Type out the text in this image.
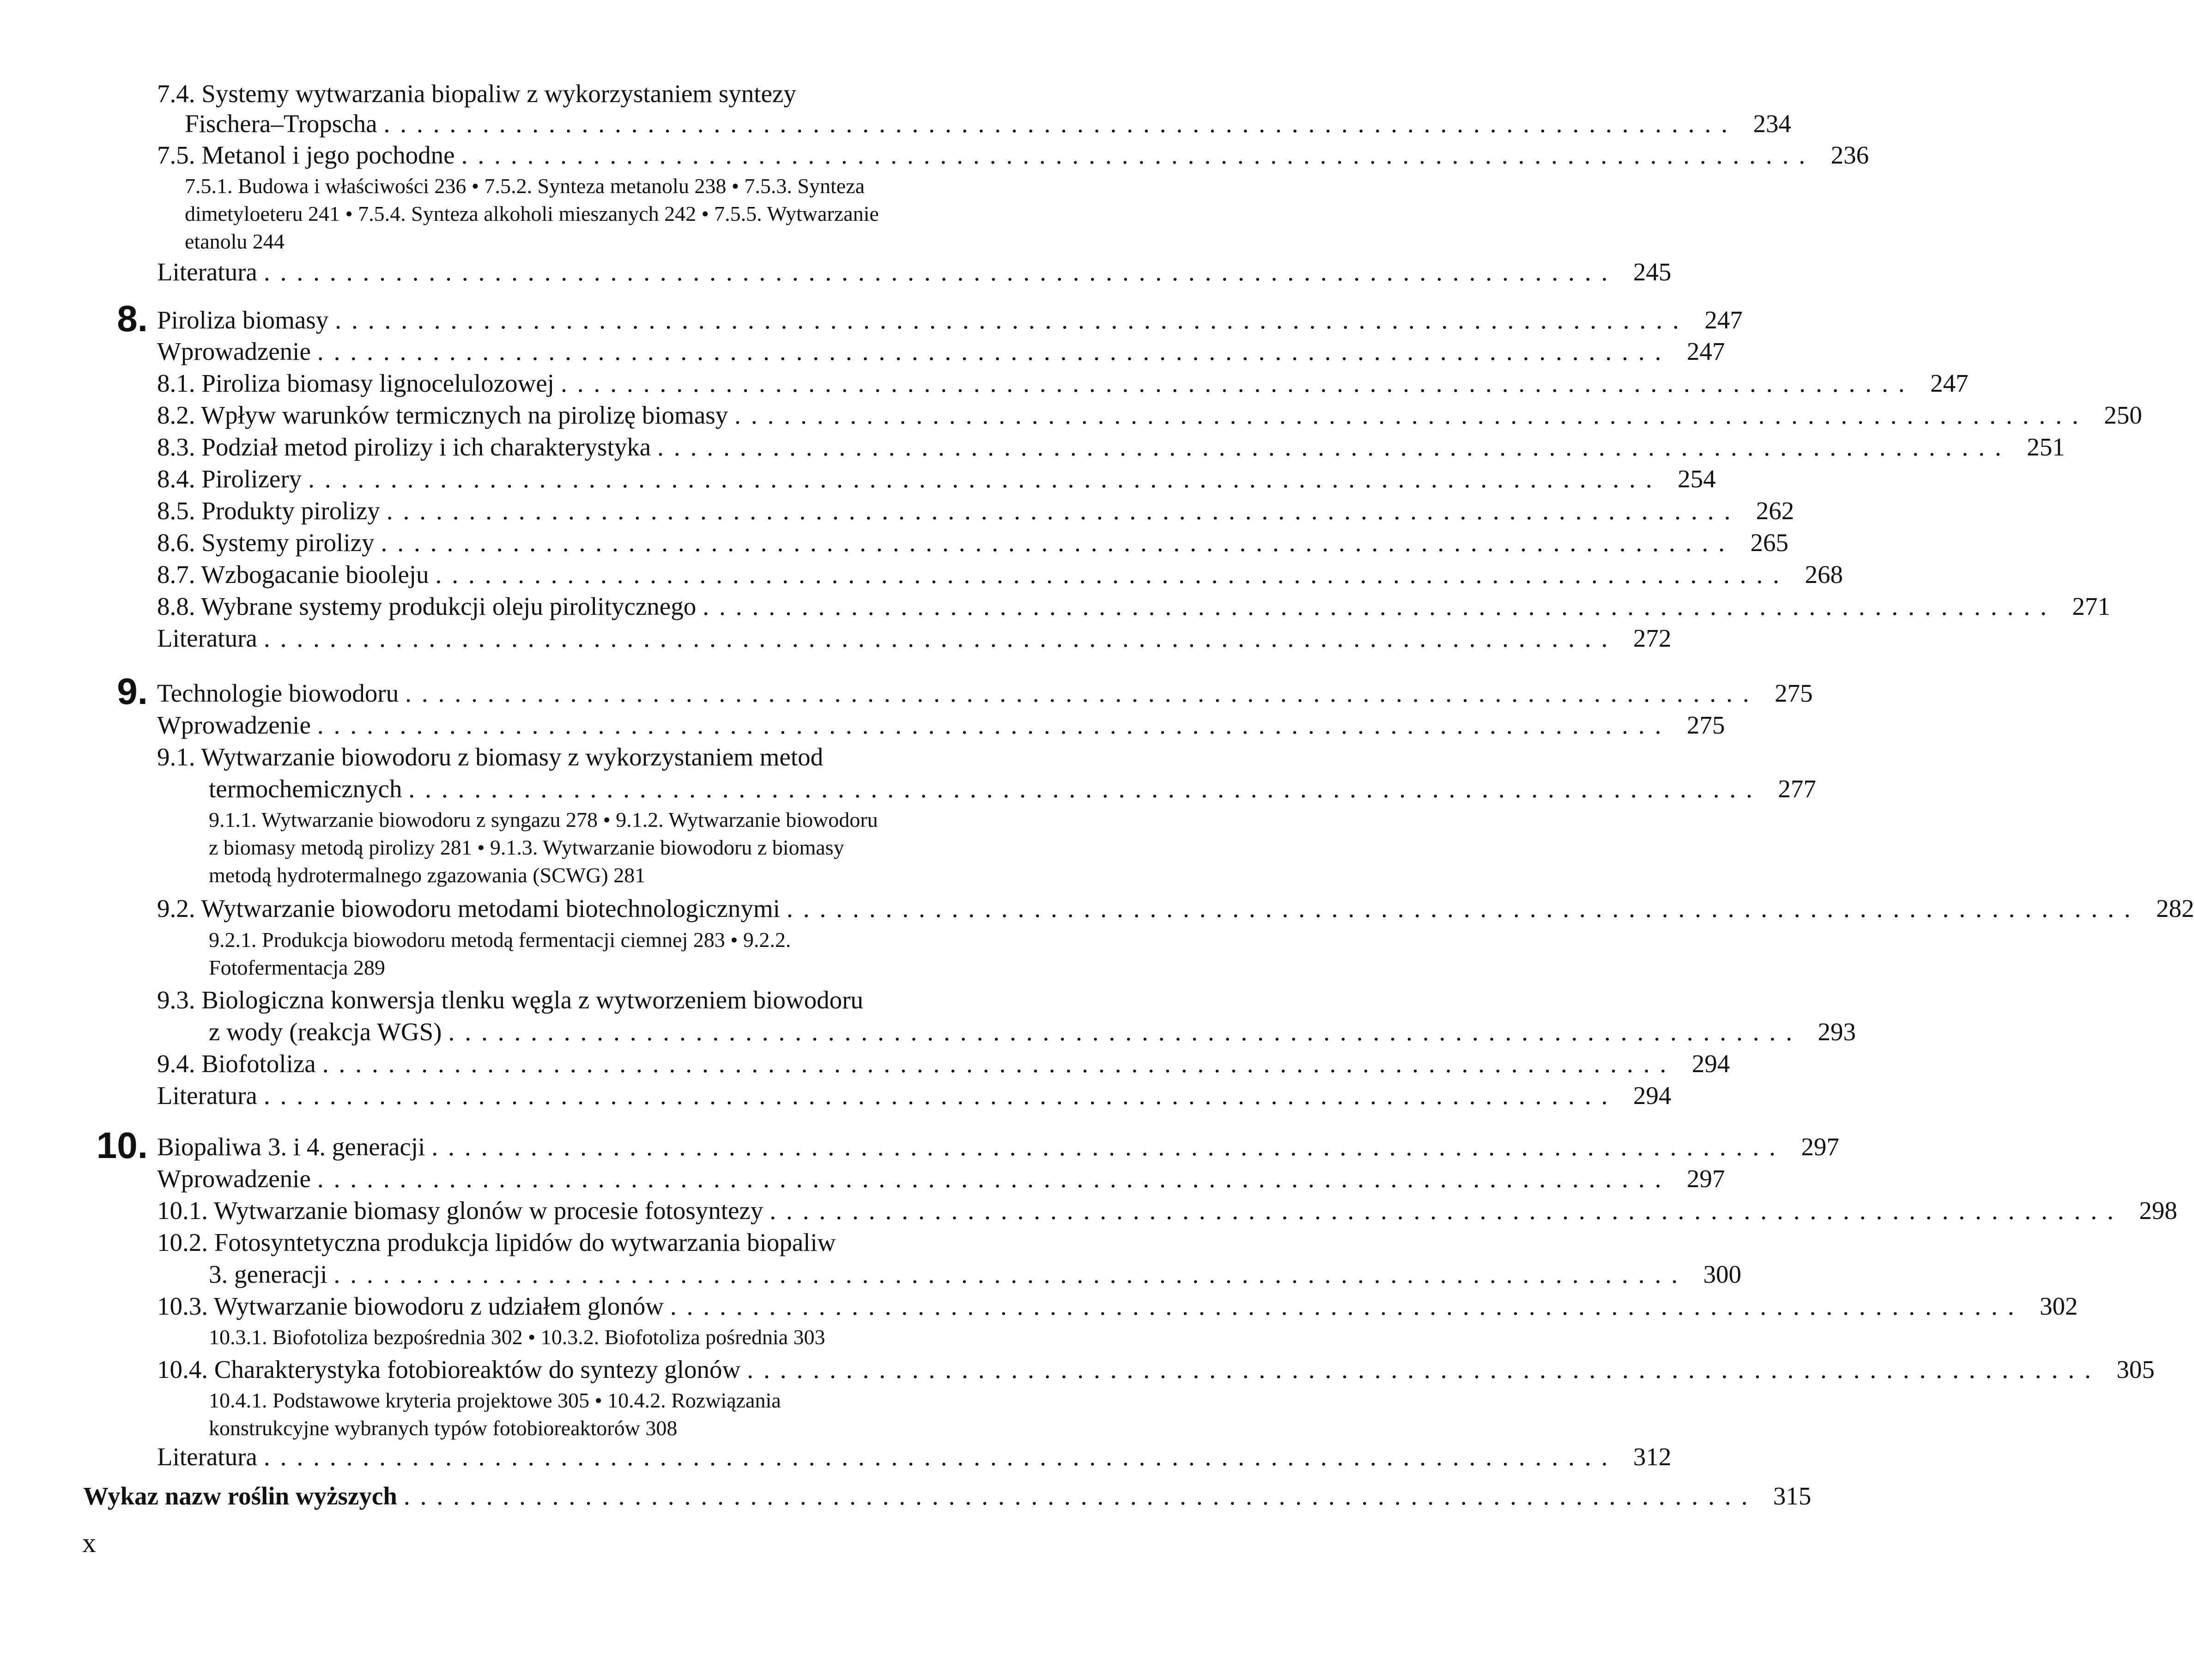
7.4. Systemy wytwarzania biopaliw z wykorzystaniem syntezy
Fischera–Tropscha .................................................................................. 234
7.5. Metanol i jego pochodne .................................................................................. 236
7.5.1. Budowa i właściwości 236 • 7.5.2. Synteza metanolu 238 • 7.5.3. Synteza
dimetyloeteru 241 • 7.5.4. Synteza alkoholi mieszanych 242 • 7.5.5. Wytwarzanie
etanolu 244
Literatura .................................................................................. 245
8. Piroliza biomasy .................................................................................. 247
Wprowadzenie .................................................................................. 247
8.1. Piroliza biomasy lignocelulozowej .................................................................................. 247
8.2. Wpływ warunków termicznych na pirolizę biomasy .................................................................................. 250
8.3. Podział metod pirolizy i ich charakterystyka .................................................................................. 251
8.4. Pirolizery .................................................................................. 254
8.5. Produkty pirolizy .................................................................................. 262
8.6. Systemy pirolizy .................................................................................. 265
8.7. Wzbogacanie biooleju .................................................................................. 268
8.8. Wybrane systemy produkcji oleju pirolitycznego .................................................................................. 271
Literatura .................................................................................. 272
9. Technologie biowodoru .................................................................................. 275
Wprowadzenie .................................................................................. 275
9.1. Wytwarzanie biowodoru z biomasy z wykorzystaniem metod
termochemicznych .................................................................................. 277
9.1.1. Wytwarzanie biowodoru z syngazu 278 • 9.1.2. Wytwarzanie biowodoru
z biomasy metodą pirolizy 281 • 9.1.3. Wytwarzanie biowodoru z biomasy
metodą hydrotermalnego zgazowania (SCWG) 281
9.2. Wytwarzanie biowodoru metodami biotechnologicznymi .................................................................................. 282
9.2.1. Produkcja biowodoru metodą fermentacji ciemnej 283 • 9.2.2.
Fotofermentacja 289
9.3. Biologiczna konwersja tlenku węgla z wytworzeniem biowodoru
z wody (reakcja WGS) .................................................................................. 293
9.4. Biofotoliza .................................................................................. 294
Literatura .................................................................................. 294
10. Biopaliwa 3. i 4. generacji .................................................................................. 297
Wprowadzenie .................................................................................. 297
10.1. Wytwarzanie biomasy glonów w procesie fotosyntezy .................................................................................. 298
10.2. Fotosyntetyczna produkcja lipidów do wytwarzania biopaliw
3. generacji .................................................................................. 300
10.3. Wytwarzanie biowodoru z udziałem glonów .................................................................................. 302
10.3.1. Biofotoliza bezpośrednia 302 • 10.3.2. Biofotoliza pośrednia 303
10.4. Charakterystyka fotobioreaktów do syntezy glonów .................................................................................. 305
10.4.1. Podstawowe kryteria projektowe 305 • 10.4.2. Rozwiązania
konstrukcyjne wybranych typów fotobioreaktorów 308
Literatura .................................................................................. 312
Wykaz nazw roślin wyższych .................................................................................. 315
x
